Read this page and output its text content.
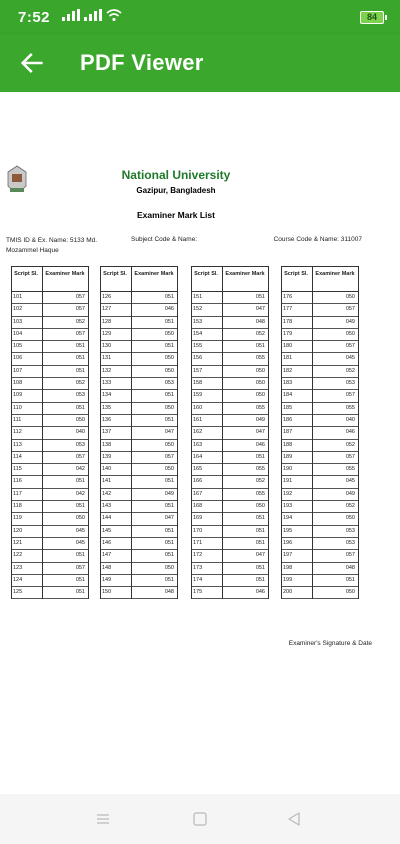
7:52	84
PDF Viewer
National University
Gazipur, Bangladesh
Examiner Mark List
TMIS ID & Ex. Name: 5133 Md. Mozammel Haque
Subject Code & Name:	Course Code & Name: 311007
Script Sl.	Examiner Mark
101	057
102	057
103	052
104	057
105	051
106	051
107	051
108	052
109	053
110	051
111	050
112	040
113	053
114	057
115	042
116	051
117	042
118	051
119	050
120	045
121	045
122	051
123	057
124	051
125	051
Script Sl.	Examiner Mark
126	051
127	046
128	051
129	050
130	051
131	050
132	050
133	053
134	051
135	050
136	051
137	047
138	050
139	057
140	050
141	051
142	049
143	051
144	047
145	051
146	051
147	051
148	050
149	051
150	048
Script Sl.	Examiner Mark
151	051
152	047
153	048
154	052
155	051
156	055
157	050
158	050
159	050
160	055
161	049
162	047
163	046
164	051
165	055
166	052
167	055
168	050
169	051
170	051
171	051
172	047
173	051
174	051
175	046
Script Sl.	Examiner Mark
176	050
177	057
178	049
179	050
180	057
181	045
182	052
183	053
184	057
185	055
186	040
187	046
188	052
189	057
190	055
191	045
192	049
193	052
194	050
195	053
196	053
197	057
198	048
199	051
200	050
Examiner's Signature & Date
